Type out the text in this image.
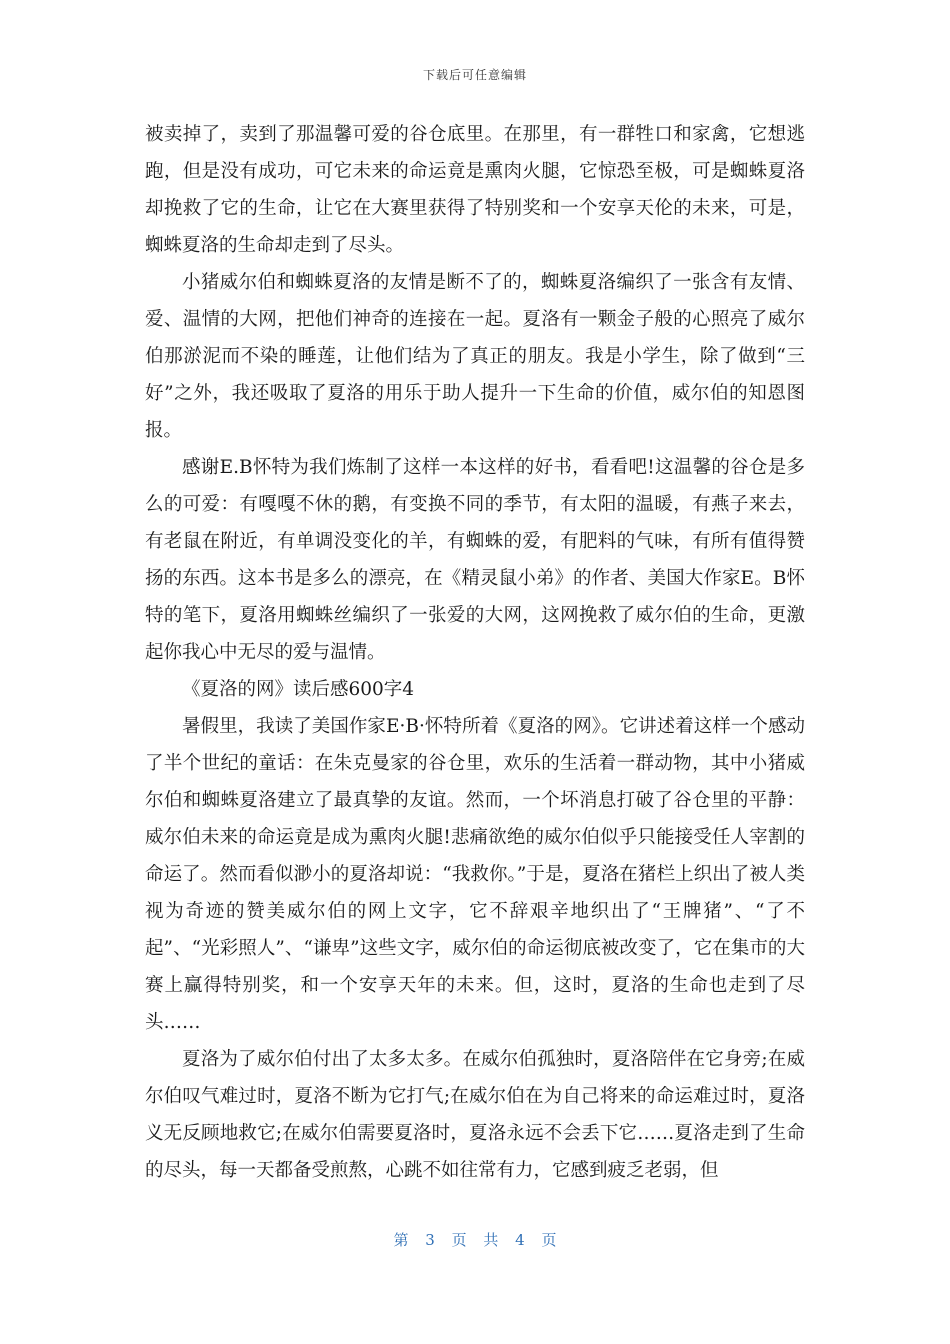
下载后可任意编辑

被卖掉了，卖到了那温馨可爱的谷仓底里。在那里，有一群牲口和家禽，它想逃跑，但是没有成功，可它未来的命运竟是熏肉火腿，它惊恐至极，可是蜘蛛夏洛却挽救了它的生命，让它在大赛里获得了特别奖和一个安享天伦的未来，可是，蜘蛛夏洛的生命却走到了尽头。

小猪威尔伯和蜘蛛夏洛的友情是断不了的，蜘蛛夏洛编织了一张含有友情、爱、温情的大网，把他们神奇的连接在一起。夏洛有一颗金子般的心照亮了威尔伯那淤泥而不染的睡莲，让他们结为了真正的朋友。我是小学生，除了做到“三好”之外，我还吸取了夏洛的用乐于助人提升一下生命的价值，威尔伯的知恩图报。

感谢E.B怀特为我们炼制了这样一本这样的好书，看看吧!这温馨的谷仓是多么的可爱：有嘎嘎不休的鹅，有变换不同的季节，有太阳的温暖，有燕子来去，有老鼠在附近，有单调没变化的羊，有蜘蛛的爱，有肥料的气味，有所有值得赞扬的东西。这本书是多么的漂亮，在《精灵鼠小弟》的作者、美国大作家E。B怀特的笔下，夏洛用蜘蛛丝编织了一张爱的大网，这网挽救了威尔伯的生命，更激起你我心中无尽的爱与温情。

《夏洛的网》读后感600字4

暑假里，我读了美国作家E·B·怀特所着《夏洛的网》。它讲述着这样一个感动了半个世纪的童话：在朱克曼家的谷仓里，欢乐的生活着一群动物，其中小猪威尔伯和蜘蛛夏洛建立了最真挚的友谊。然而，一个坏消息打破了谷仓里的平静：威尔伯未来的命运竟是成为熏肉火腿!悲痛欲绝的威尔伯似乎只能接受任人宰割的命运了。然而看似渺小的夏洛却说：“我救你。”于是，夏洛在猪栏上织出了被人类视为奇迹的赞美威尔伯的网上文字，它不辞艰辛地织出了“王牌猪”、“了不起”、“光彩照人”、“谦卑”这些文字，威尔伯的命运彻底被改变了，它在集市的大赛上赢得特别奖，和一个安享天年的未来。但，这时，夏洛的生命也走到了尽头……

夏洛为了威尔伯付出了太多太多。在威尔伯孤独时，夏洛陪伴在它身旁;在威尔伯叹气难过时，夏洛不断为它打气;在威尔伯在为自己将来的命运难过时，夏洛义无反顾地救它;在威尔伯需要夏洛时，夏洛永远不会丢下它……夏洛走到了生命的尽头，每一天都备受煎熬，心跳不如往常有力，它感到疲乏老弱，但

第 3 页 共 4 页
